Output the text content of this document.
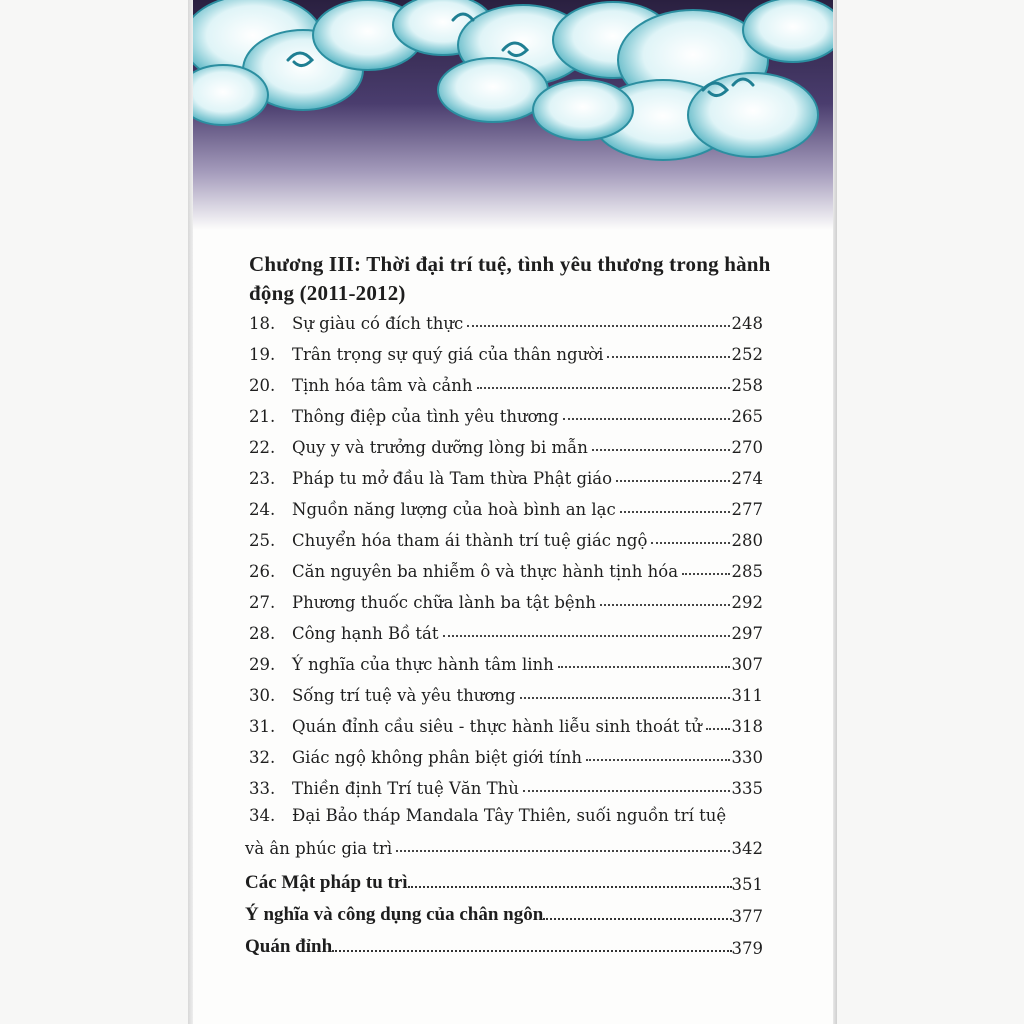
Chương III: Thời đại trí tuệ, tình yêu thương trong hành động (2011-2012)
18.	Sự giàu có đích thực	248
19.	Trân trọng sự quý giá của thân người	252
20.	Tịnh hóa tâm và cảnh	258
21.	Thông điệp của tình yêu thương	265
22.	Quy y và trưởng dưỡng lòng bi mẫn	270
23.	Pháp tu mở đầu là Tam thừa Phật giáo	274
24.	Nguồn năng lượng của hoà bình an lạc	277
25.	Chuyển hóa tham ái thành trí tuệ giác ngộ	280
26.	Căn nguyên ba nhiễm ô và thực hành tịnh hóa	285
27.	Phương thuốc chữa lành ba tật bệnh	292
28.	Công hạnh Bồ tát	297
29.	Ý nghĩa của thực hành tâm linh	307
30.	Sống trí tuệ và yêu thương	311
31.	Quán đỉnh cầu siêu - thực hành liễu sinh thoát tử 318
32.	Giác ngộ không phân biệt giới tính	330
33.	Thiền định Trí tuệ Văn Thù	335
34.	Đại Bảo tháp Mandala Tây Thiên, suối nguồn trí tuệ
và ân phúc gia trì	342
Các Mật pháp tu trì	351
Ý nghĩa và công dụng của chân ngôn	377
Quán đỉnh	379
